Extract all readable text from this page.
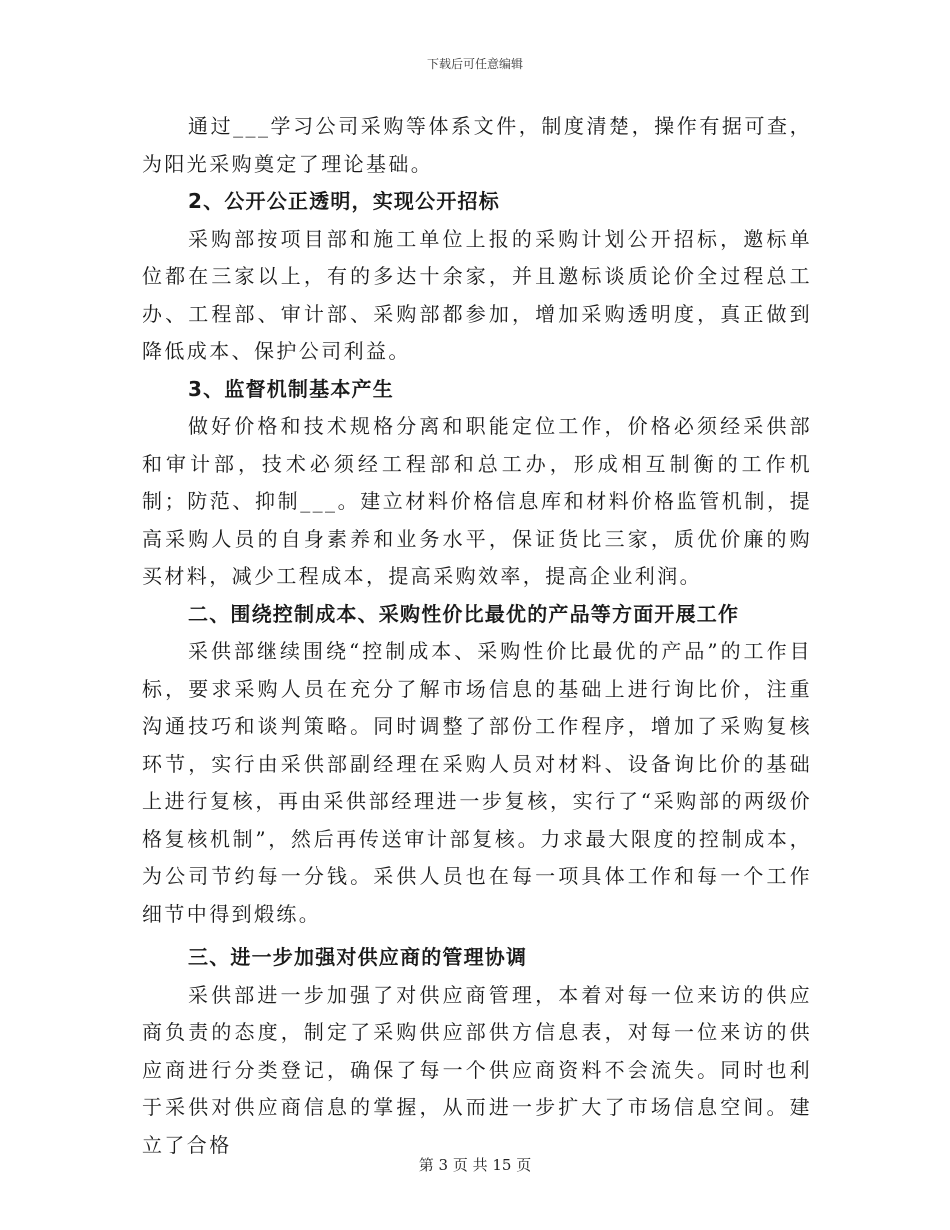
下载后可任意编辑
通过___学习公司采购等体系文件，制度清楚，操作有据可查，为阳光采购奠定了理论基础。
2、公开公正透明，实现公开招标
采购部按项目部和施工单位上报的采购计划公开招标，邀标单位都在三家以上，有的多达十余家，并且邀标谈质论价全过程总工办、工程部、审计部、采购部都参加，增加采购透明度，真正做到降低成本、保护公司利益。
3、监督机制基本产生
做好价格和技术规格分离和职能定位工作，价格必须经采供部和审计部，技术必须经工程部和总工办，形成相互制衡的工作机制；防范、抑制___。建立材料价格信息库和材料价格监管机制，提高采购人员的自身素养和业务水平，保证货比三家，质优价廉的购买材料，减少工程成本，提高采购效率，提高企业利润。
二、围绕控制成本、采购性价比最优的产品等方面开展工作
采供部继续围绕“控制成本、采购性价比最优的产品”的工作目标，要求采购人员在充分了解市场信息的基础上进行询比价，注重沟通技巧和谈判策略。同时调整了部份工作程序，增加了采购复核环节，实行由采供部副经理在采购人员对材料、设备询比价的基础上进行复核，再由采供部经理进一步复核，实行了“采购部的两级价格复核机制”，然后再传送审计部复核。力求最大限度的控制成本，为公司节约每一分钱。采供人员也在每一项具体工作和每一个工作细节中得到煅练。
三、进一步加强对供应商的管理协调
采供部进一步加强了对供应商管理，本着对每一位来访的供应商负责的态度，制定了采购供应部供方信息表，对每一位来访的供应商进行分类登记，确保了每一个供应商资料不会流失。同时也利于采供对供应商信息的掌握，从而进一步扩大了市场信息空间。建立了合格
第 3 页 共 15 页
